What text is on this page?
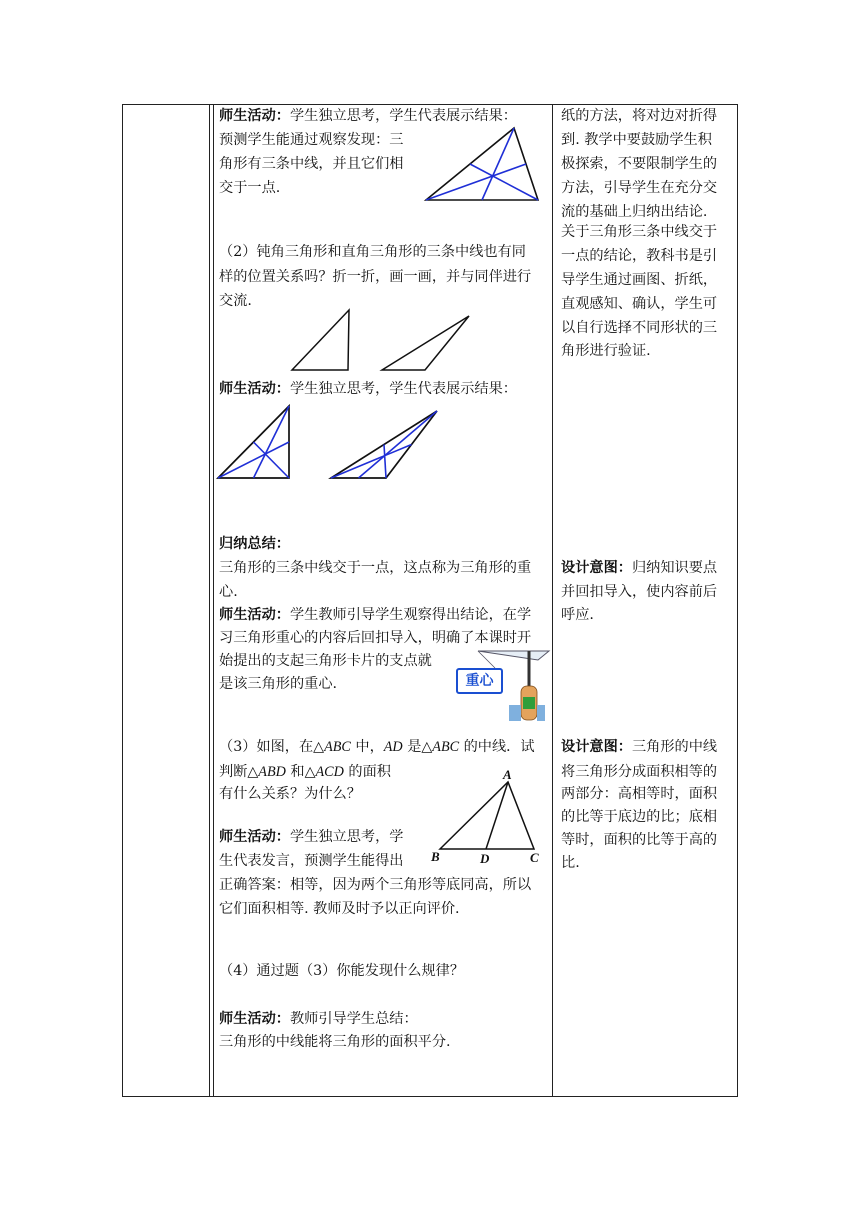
师生活动：学生独立思考，学生代表展示结果：
预测学生能通过观察发现：三
角形有三条中线，并且它们相
交于一点.
（2）钝角三角形和直角三角形的三条中线也有同
样的位置关系吗？折一折，画一画，并与同伴进行
交流.
师生活动：学生独立思考，学生代表展示结果：
归纳总结：
三角形的三条中线交于一点，这点称为三角形的重
心.
师生活动：学生教师引导学生观察得出结论，在学
习三角形重心的内容后回扣导入，明确了本课时开
始提出的支起三角形卡片的支点就
是该三角形的重心.	重心
（3）如图，在△ABC 中，AD 是△ABC 的中线．试
判断△ABD 和△ACD 的面积
有什么关系？为什么？
A
B	D	C
师生活动：学生独立思考，学
生代表发言，预测学生能得出
正确答案：相等，因为两个三角形等底同高，所以
它们面积相等. 教师及时予以正向评价.
（4）通过题（3）你能发现什么规律？
师生活动：教师引导学生总结：
三角形的中线能将三角形的面积平分.
纸的方法，将对边对折得
到. 教学中要鼓励学生积
极探索，不要限制学生的
方法，引导学生在充分交
流的基础上归纳出结论.
关于三角形三条中线交于
一点的结论，教科书是引
导学生通过画图、折纸，
直观感知、确认，学生可
以自行选择不同形状的三
角形进行验证.
设计意图：归纳知识要点
并回扣导入，使内容前后
呼应.
设计意图：三角形的中线
将三角形分成面积相等的
两部分：高相等时，面积
的比等于底边的比；底相
等时，面积的比等于高的
比.
